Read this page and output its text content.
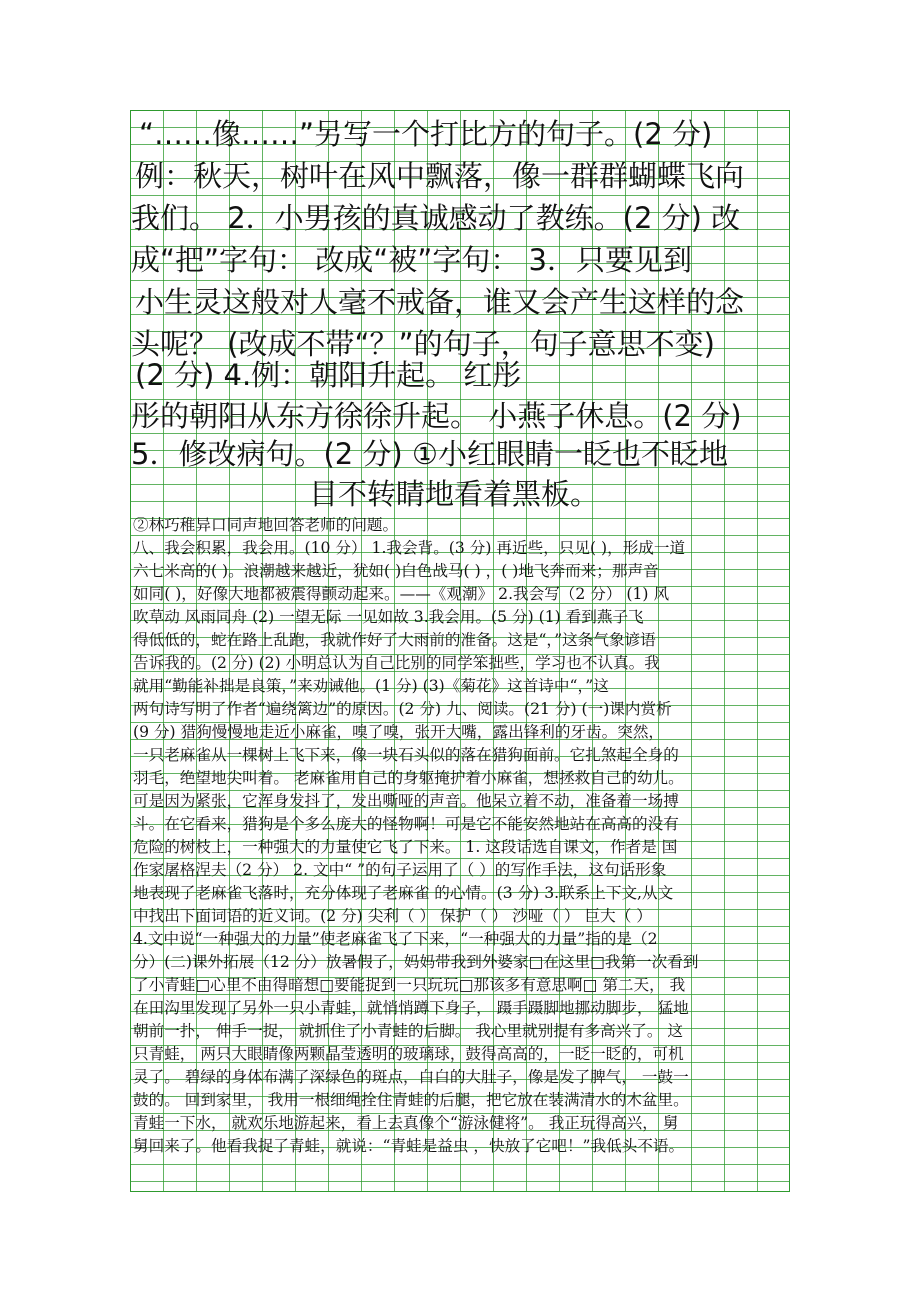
“……像……”另写一个打比方的句子。(2 分)
例：秋天，树叶在风中飘落，像一群群蝴蝶飞向
我们。 2．小男孩的真诚感动了教练。(2 分) 改
成“把”字句： 改成“被”字句： 3．只要见到
小生灵这般对人毫不戒备，谁又会产生这样的念
头呢？ (改成不带“？”的句子，句子意思不变)
(2 分) 4.例：朝阳升起。 红彤
彤的朝阳从东方徐徐升起。 小燕子休息。(2 分)
5．修改病句。(2 分) ①小红眼睛一眨也不眨地
目不转睛地看着黑板。
②林巧稚异口同声地回答老师的问题。
八、我会积累，我会用。(10 分） 1.我会背。(3 分) 再近些，只见( )，形成一道
六七米高的( )。浪潮越来越近，犹如( )白色战马( ) ，( )地飞奔而来；那声音
如同( )，好像大地都被震得颤动起来。——《观潮》 2.我会写（2 分） (1) 风
吹草动 风雨同舟 (2) 一望无际 一见如故 3.我会用。(5 分) (1) 看到燕子飞
得低低的，蛇在路上乱跑，我就作好了大雨前的准备。这是“，”这条气象谚语
告诉我的。(2 分) (2) 小明总认为自己比别的同学笨拙些，学习也不认真。我
就用“勤能补拙是良策，”来劝诫他。(1 分) (3)《菊花》这首诗中“，”这
两句诗写明了作者“遍绕篱边”的原因。(2 分) 九、阅读。(21 分) (一)课内赏析
(9 分) 猎狗慢慢地走近小麻雀，嗅了嗅，张开大嘴，露出锋利的牙齿。突然，
一只老麻雀从一棵树上飞下来，像一块石头似的落在猎狗面前。它扎煞起全身的
羽毛，绝望地尖叫着。 老麻雀用自己的身躯掩护着小麻雀，想拯救自己的幼儿。
可是因为紧张，它浑身发抖了，发出嘶哑的声音。他呆立着不动，准备着一场搏
斗。在它看来，猎狗是个多么庞大的怪物啊！可是它不能安然地站在高高的没有
危险的树枝上，一种强大的力量使它飞了下来。 1. 这段话选自课文，作者是 国
作家屠格涅夫（2 分） 2. 文中“ ”的句子运用了（ ）的写作手法，这句话形象
地表现了老麻雀飞落时，充分体现了老麻雀 的心情。(3 分) 3.联系上下文,从文
中找出下面词语的近义词。(2 分) 尖利（ ） 保护（ ） 沙哑（ ） 巨大（ ）
4.文中说“一种强大的力量”使老麻雀飞了下来，“一种强大的力量”指的是（2
分）(二)课外拓展（12 分）放暑假了，妈妈带我到外婆家□在这里□我第一次看到
了小青蛙□心里不由得暗想□要能捉到一只玩玩□那该多有意思啊□ 第二天， 我
在田沟里发现了另外一只小青蛙，就悄悄蹲下身子， 蹑手蹑脚地挪动脚步， 猛地
朝前一扑， 伸手一捉， 就抓住了小青蛙的后脚。 我心里就别提有多高兴了。 这
只青蛙， 两只大眼睛像两颗晶莹透明的玻璃球，鼓得高高的，一眨一眨的，可机
灵了。 碧绿的身体布满了深绿色的斑点，白白的大肚子，像是发了脾气， 一鼓一
鼓的。 回到家里， 我用一根细绳拴住青蛙的后腿，把它放在装满清水的木盆里。
青蛙一下水， 就欢乐地游起来，看上去真像个“游泳健将”。 我正玩得高兴， 舅
舅回来了。他看我捉了青蛙，就说：“青蛙是益虫 ，快放了它吧！”我低头不语。
